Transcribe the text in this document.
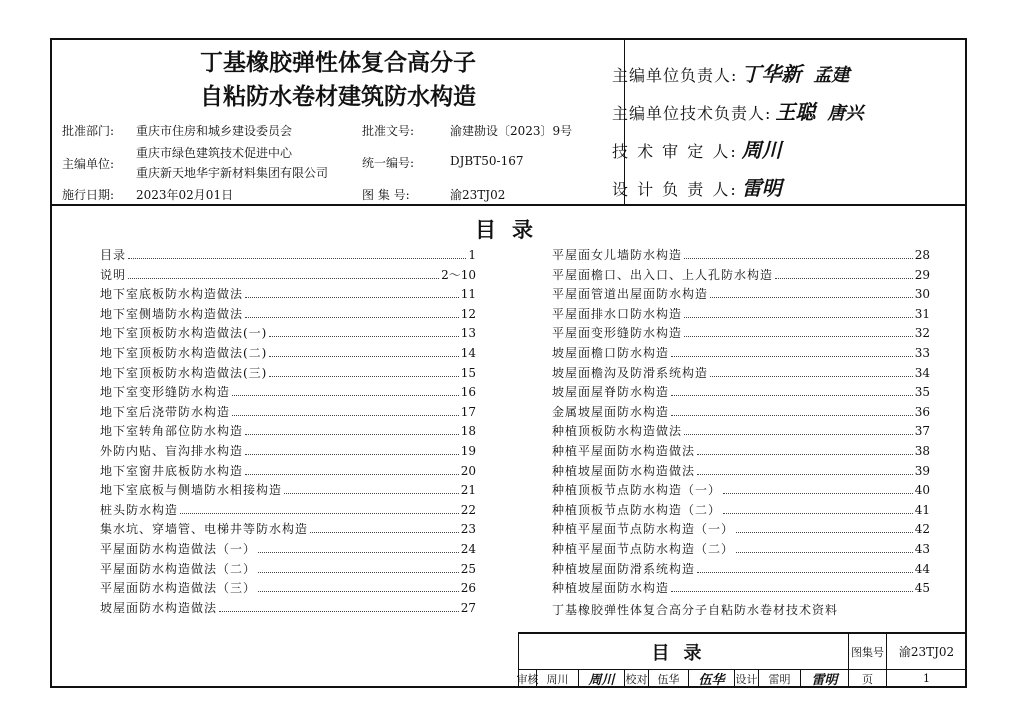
丁基橡胶弹性体复合高分子
自粘防水卷材建筑防水构造
批准部门: 重庆市住房和城乡建设委员会	批准文号:	渝建勘设〔2023〕9号
主编单位:
重庆市绿色建筑技术促进中心
重庆新天地华宇新材料集团有限公司
统一编号:	DJBT50-167
施行日期: 2023年02月01日	图 集 号:	渝23TJ02
主编单位负责人: 丁华新 孟建
主编单位技术负责人: 王聪 唐兴
技 术 审 定 人: 周川
设 计 负 责 人: 雷明
目录
目录	1
说明	2～10
地下室底板防水构造做法	11
地下室侧墙防水构造做法	12
地下室顶板防水构造做法(一)	13
地下室顶板防水构造做法(二)	14
地下室顶板防水构造做法(三)	15
地下室变形缝防水构造	16
地下室后浇带防水构造	17
地下室转角部位防水构造	18
外防内贴、盲沟排水构造	19
地下室窗井底板防水构造	20
地下室底板与侧墙防水相接构造	21
桩头防水构造	22
集水坑、穿墙管、电梯井等防水构造	23
平屋面防水构造做法（一）	24
平屋面防水构造做法（二）	25
平屋面防水构造做法（三）	26
坡屋面防水构造做法	27
平屋面女儿墙防水构造	28
平屋面檐口、出入口、上人孔防水构造	29
平屋面管道出屋面防水构造	30
平屋面排水口防水构造	31
平屋面变形缝防水构造	32
坡屋面檐口防水构造	33
坡屋面檐沟及防滑系统构造	34
坡屋面屋脊防水构造	35
金属坡屋面防水构造	36
种植顶板防水构造做法	37
种植平屋面防水构造做法	38
种植坡屋面防水构造做法	39
种植顶板节点防水构造（一）	40
种植顶板节点防水构造（二）	41
种植平屋面节点防水构造（一）	42
种植平屋面节点防水构造（二）	43
种植坡屋面防滑系统构造	44
种植坡屋面防水构造	45
丁基橡胶弹性体复合高分子自粘防水卷材技术资料
目录	图集号	渝23TJ02
审核 周川	周川	校对 伍华	伍华	设计	雷明	雷明	页	1
